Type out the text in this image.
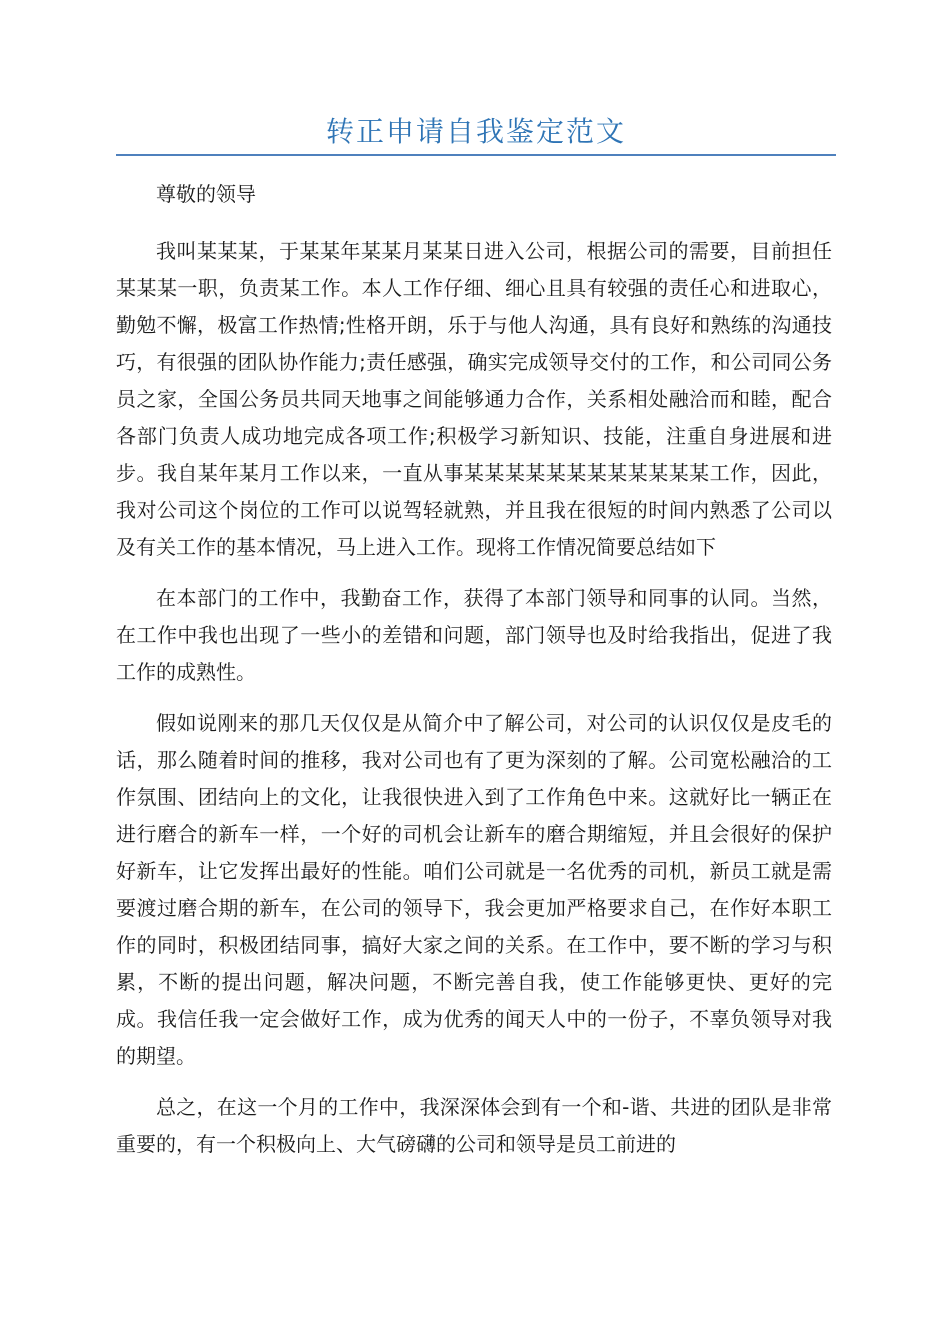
转正申请自我鉴定范文

尊敬的领导

我叫某某某，于某某年某某月某某日进入公司，根据公司的需要，目前担任某某某一职，负责某工作。本人工作仔细、细心且具有较强的责任心和进取心，勤勉不懈，极富工作热情;性格开朗，乐于与他人沟通，具有良好和熟练的沟通技巧，有很强的团队协作能力;责任感强，确实完成领导交付的工作，和公司同公务员之家，全国公务员共同天地事之间能够通力合作，关系相处融洽而和睦，配合各部门负责人成功地完成各项工作;积极学习新知识、技能，注重自身进展和进步。我自某年某月工作以来，一直从事某某某某某某某某某某某某工作，因此，我对公司这个岗位的工作可以说驾轻就熟，并且我在很短的时间内熟悉了公司以及有关工作的基本情况，马上进入工作。现将工作情况简要总结如下

在本部门的工作中，我勤奋工作，获得了本部门领导和同事的认同。当然，在工作中我也出现了一些小的差错和问题，部门领导也及时给我指出，促进了我工作的成熟性。

假如说刚来的那几天仅仅是从简介中了解公司，对公司的认识仅仅是皮毛的话，那么随着时间的推移，我对公司也有了更为深刻的了解。公司宽松融洽的工作氛围、团结向上的文化，让我很快进入到了工作角色中来。这就好比一辆正在进行磨合的新车一样，一个好的司机会让新车的磨合期缩短，并且会很好的保护好新车，让它发挥出最好的性能。咱们公司就是一名优秀的司机，新员工就是需要渡过磨合期的新车，在公司的领导下，我会更加严格要求自己，在作好本职工作的同时，积极团结同事，搞好大家之间的关系。在工作中，要不断的学习与积累，不断的提出问题，解决问题，不断完善自我，使工作能够更快、更好的完成。我信任我一定会做好工作，成为优秀的闻天人中的一份子，不辜负领导对我的期望。

总之，在这一个月的工作中，我深深体会到有一个和-谐、共进的团队是非常重要的，有一个积极向上、大气磅礴的公司和领导是员工前进的
